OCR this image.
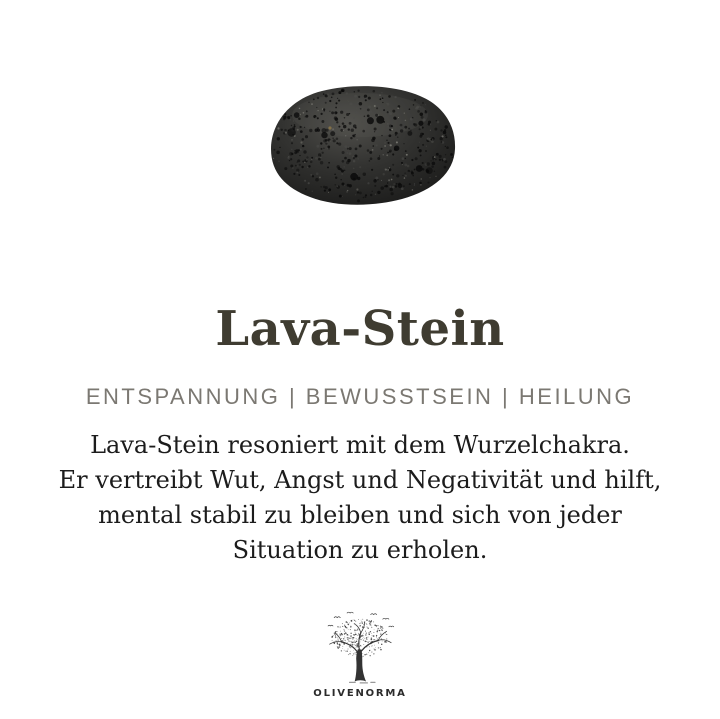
Lava-Stein
ENTSPANNUNG | BEWUSSTSEIN | HEILUNG
Lava-Stein resoniert mit dem Wurzelchakra.
Er vertreibt Wut, Angst und Negativität und hilft,
mental stabil zu bleiben und sich von jeder
Situation zu erholen.
OLIVENORMA
